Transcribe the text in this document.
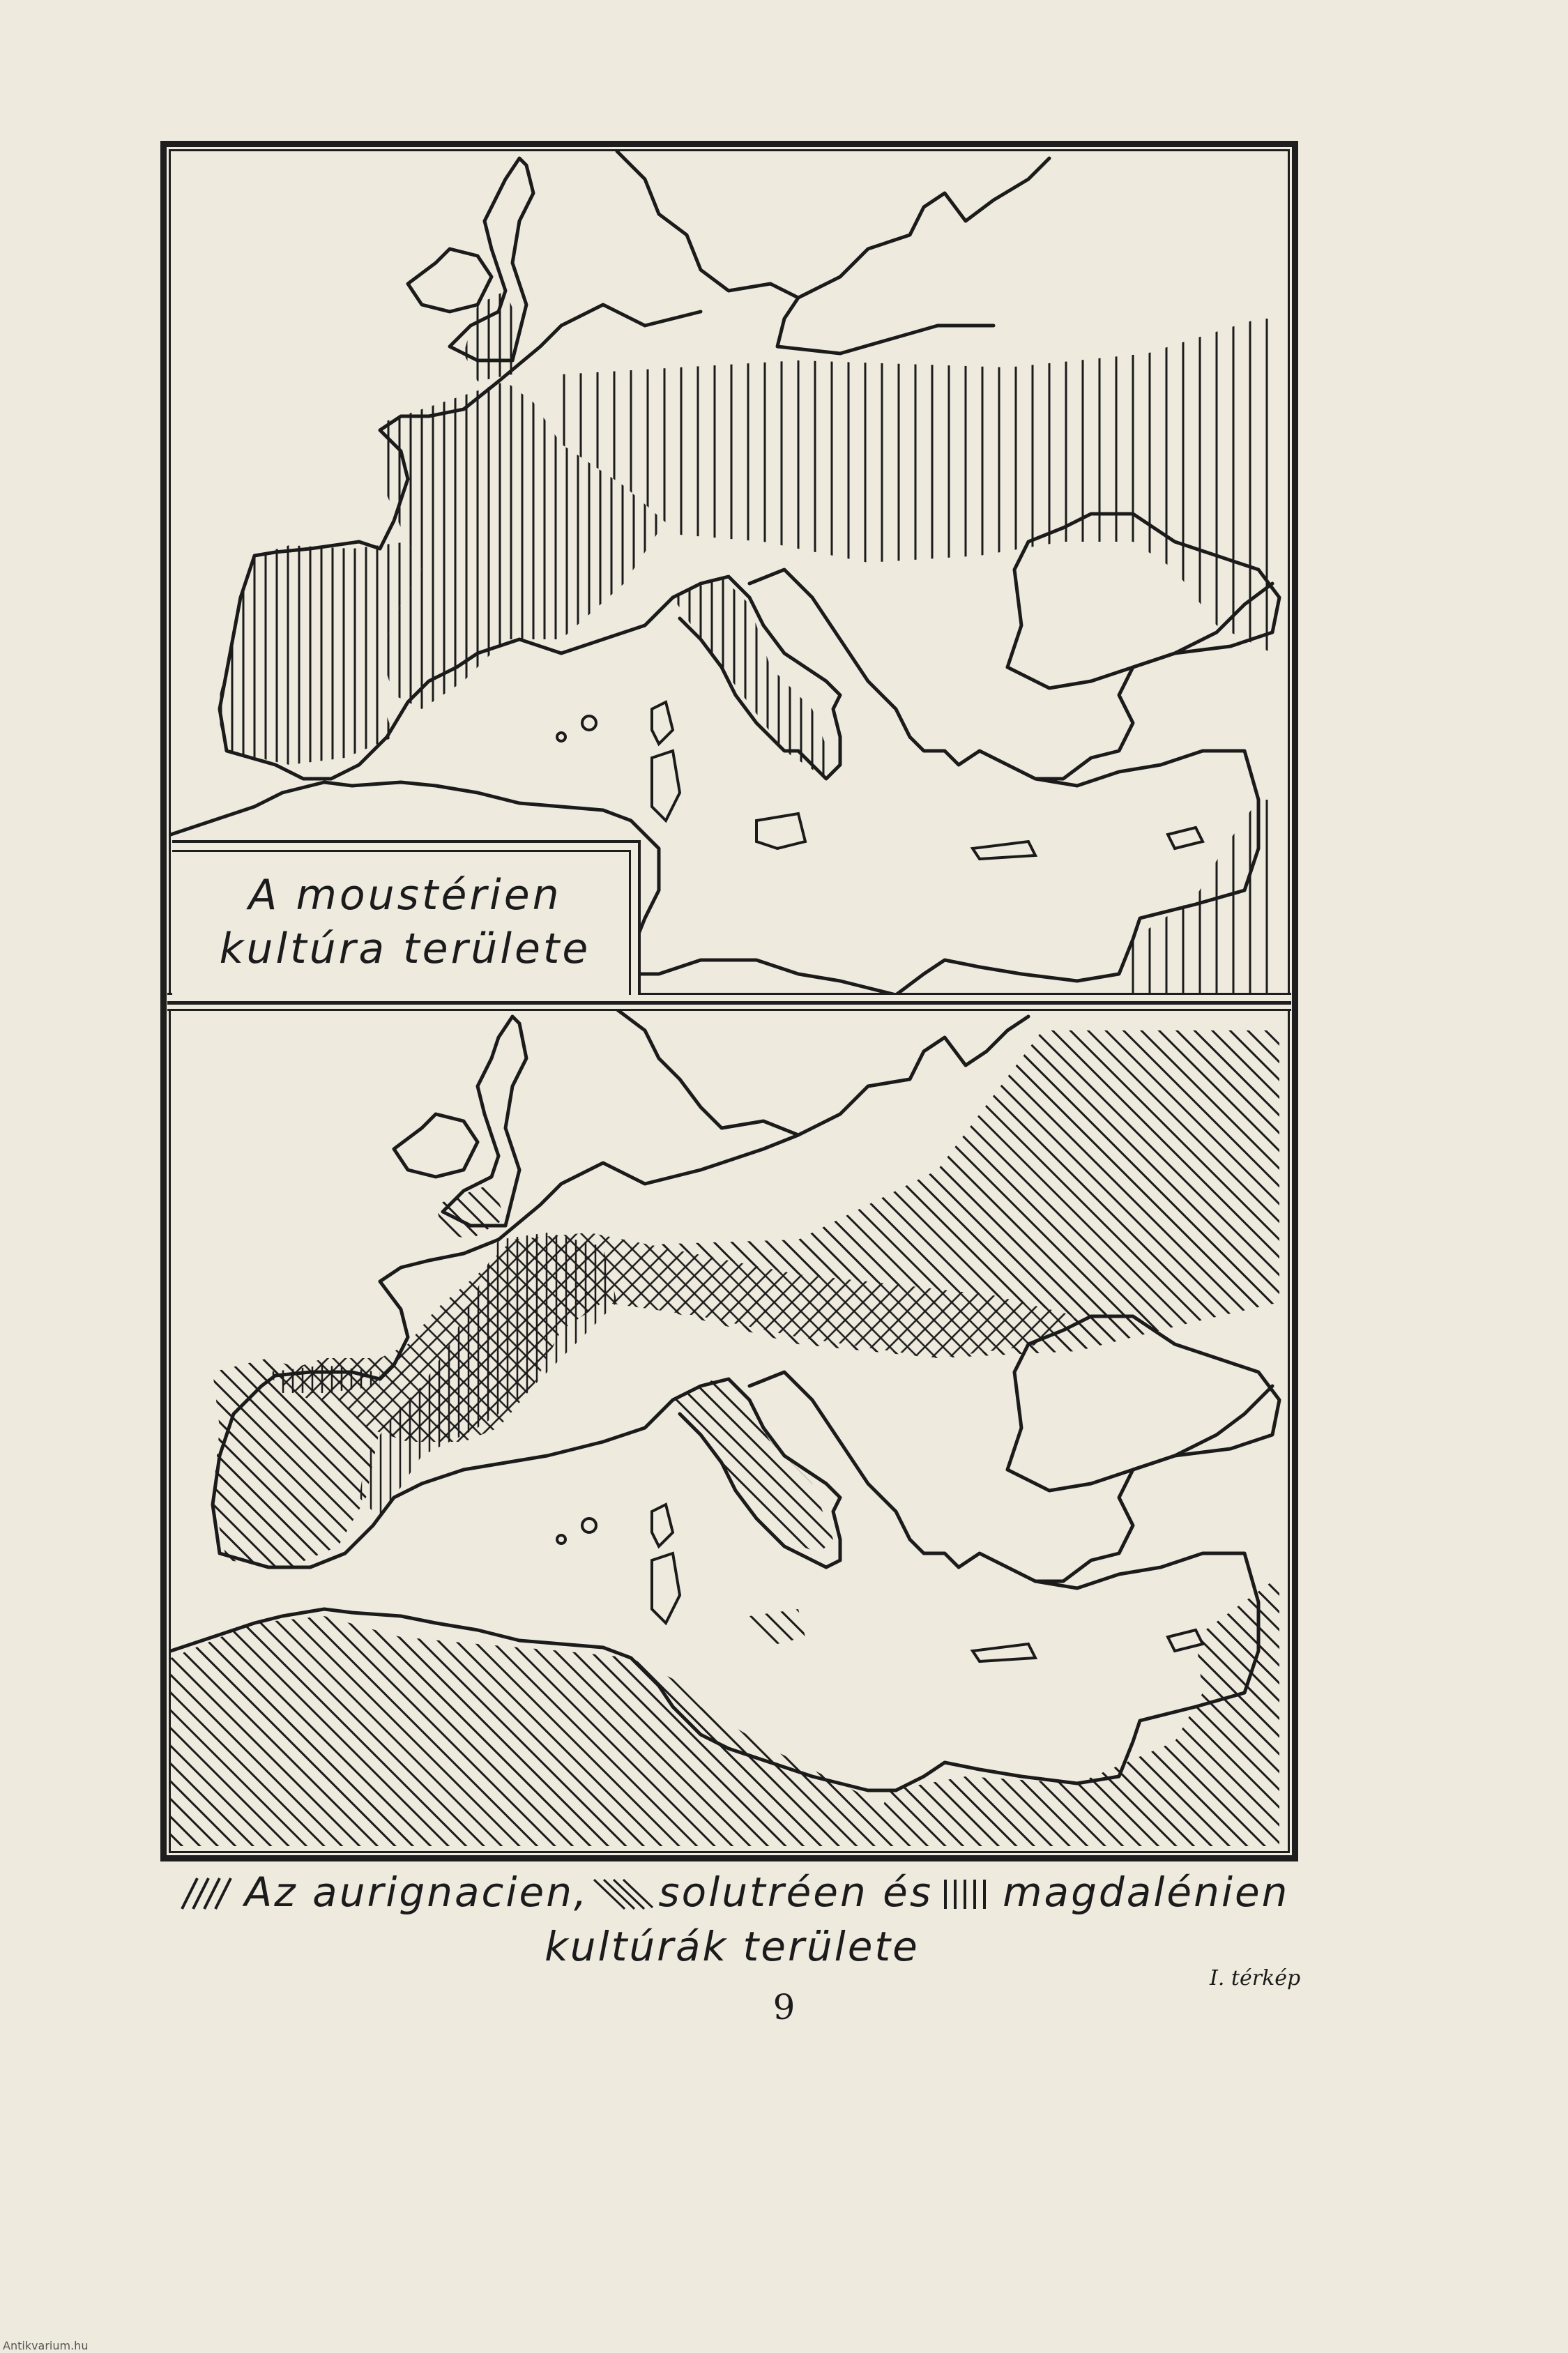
A moustérien
kultúra területe
Az aurignacien, solutréen és magdalénien
kultúrák területe
I. térkép
9
Antikvarium.hu
